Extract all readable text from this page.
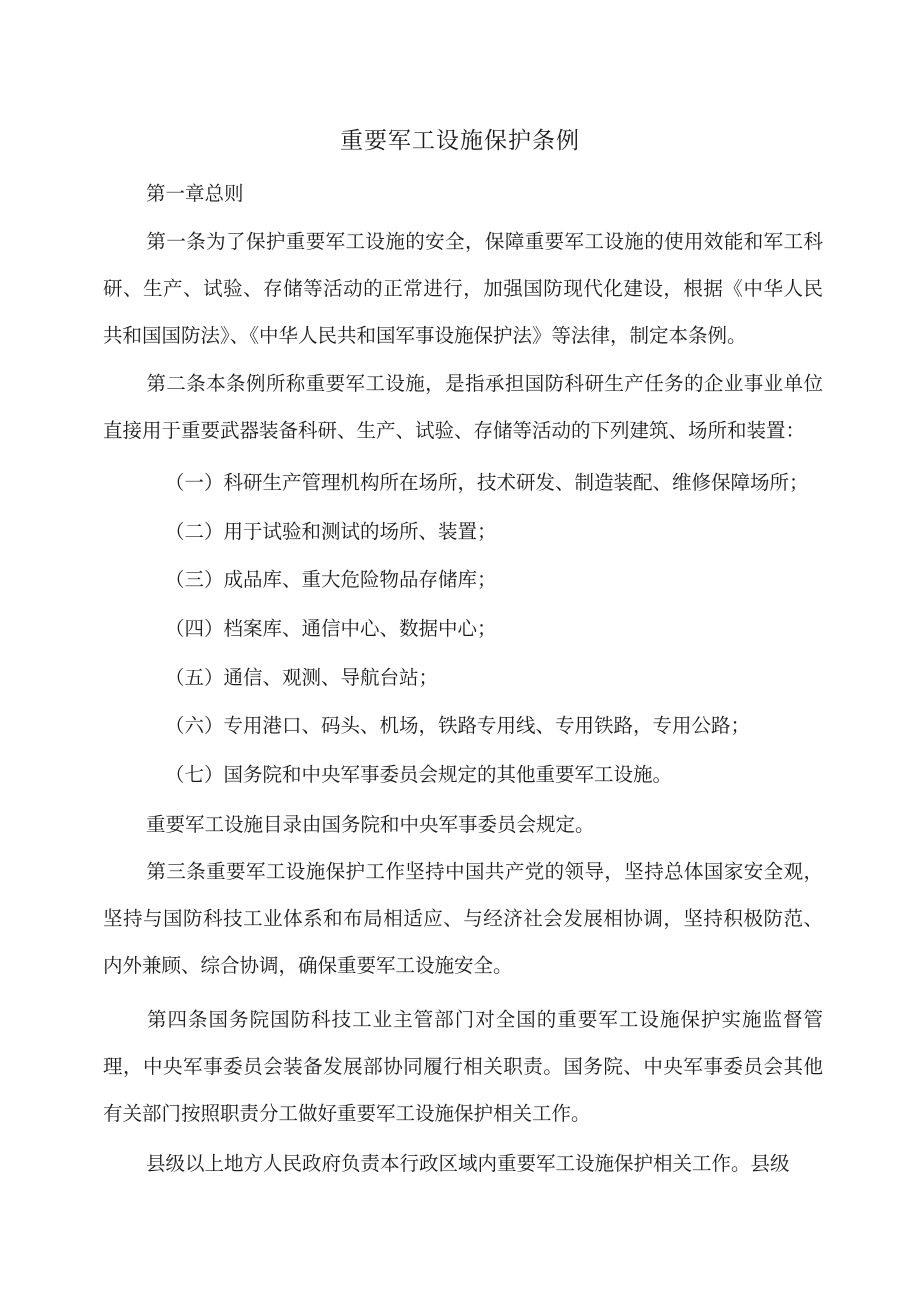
重要军工设施保护条例
第一章总则
第一条为了保护重要军工设施的安全，保障重要军工设施的使用效能和军工科研、生产、试验、存储等活动的正常进行，加强国防现代化建设，根据《中华人民共和国国防法》、《中华人民共和国军事设施保护法》等法律，制定本条例。
第二条本条例所称重要军工设施，是指承担国防科研生产任务的企业事业单位直接用于重要武器装备科研、生产、试验、存储等活动的下列建筑、场所和装置：
（一）科研生产管理机构所在场所，技术研发、制造装配、维修保障场所；
（二）用于试验和测试的场所、装置；
（三）成品库、重大危险物品存储库；
（四）档案库、通信中心、数据中心；
（五）通信、观测、导航台站；
（六）专用港口、码头、机场，铁路专用线、专用铁路，专用公路；
（七）国务院和中央军事委员会规定的其他重要军工设施。
重要军工设施目录由国务院和中央军事委员会规定。
第三条重要军工设施保护工作坚持中国共产党的领导，坚持总体国家安全观，坚持与国防科技工业体系和布局相适应、与经济社会发展相协调，坚持积极防范、内外兼顾、综合协调，确保重要军工设施安全。
第四条国务院国防科技工业主管部门对全国的重要军工设施保护实施监督管理，中央军事委员会装备发展部协同履行相关职责。国务院、中央军事委员会其他有关部门按照职责分工做好重要军工设施保护相关工作。
县级以上地方人民政府负责本行政区域内重要军工设施保护相关工作。县级
